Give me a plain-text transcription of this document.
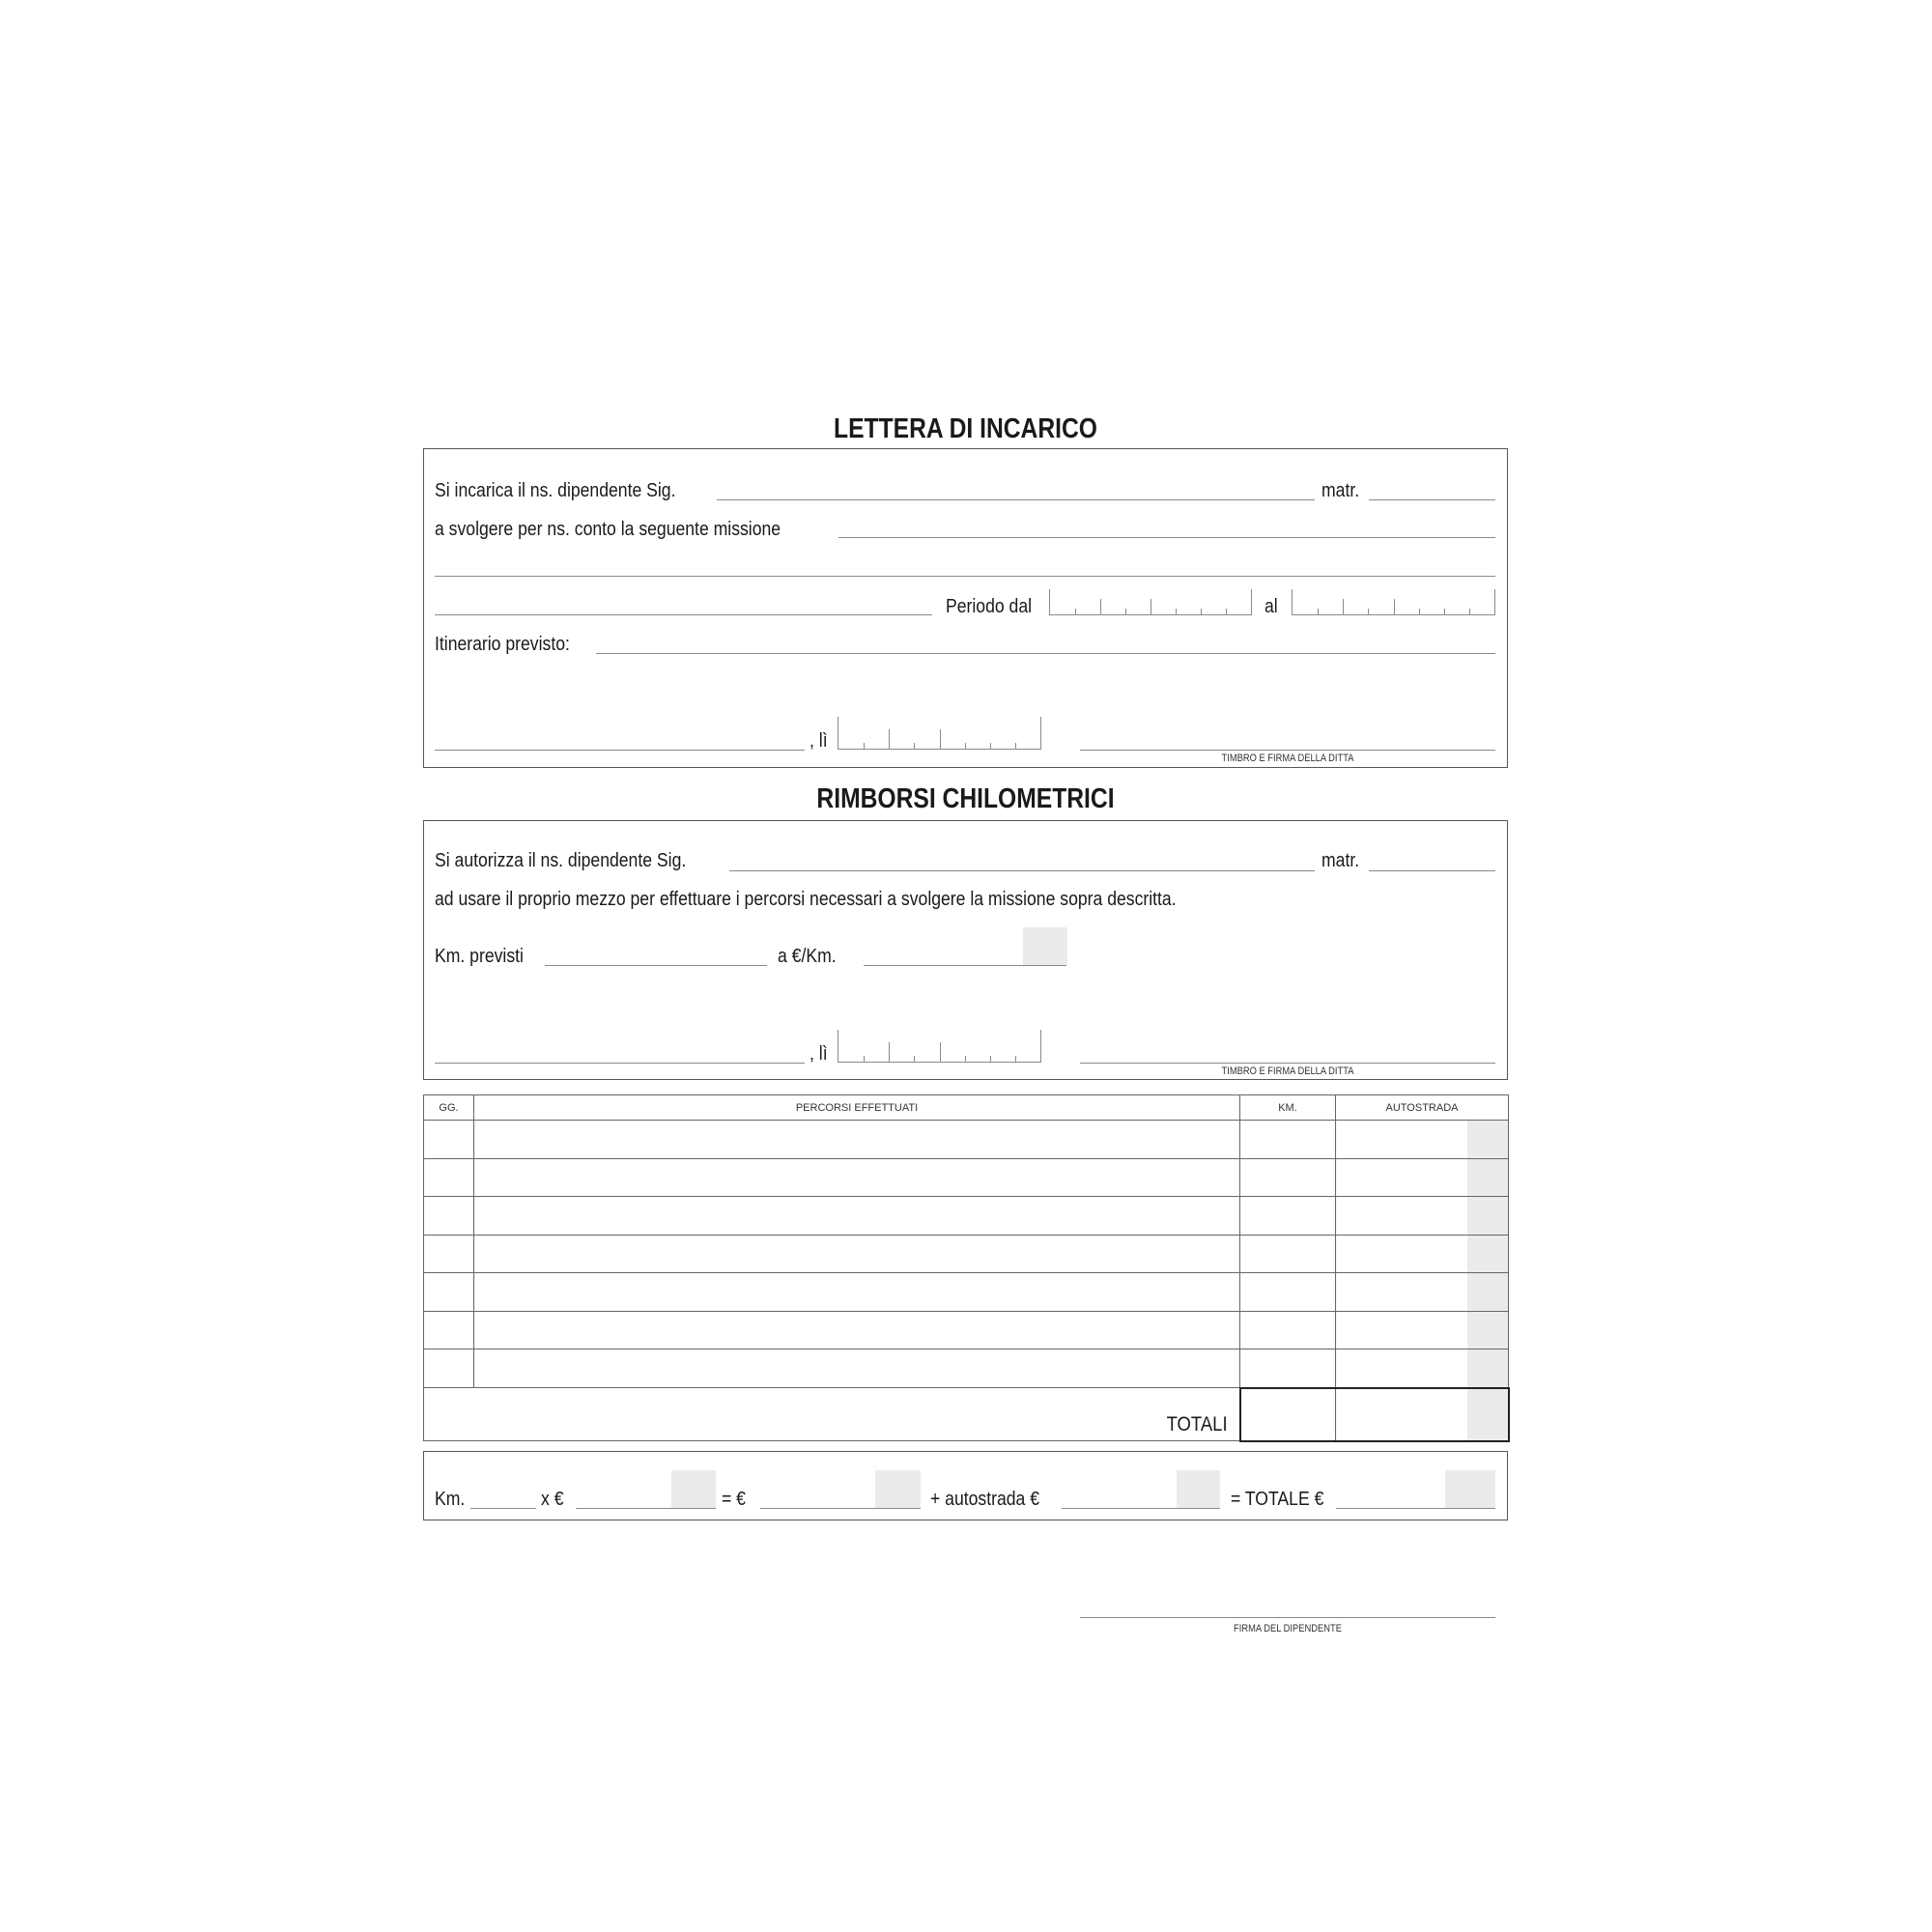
LETTERA DI INCARICO
Si incarica il ns. dipendente Sig.	matr.
a svolgere per ns. conto la seguente missione
Periodo dal	al
Itinerario previsto:
, lì
TIMBRO E FIRMA DELLA DITTA
RIMBORSI CHILOMETRICI
Si autorizza il ns. dipendente Sig.	matr.
ad usare il proprio mezzo per effettuare i percorsi necessari a svolgere la missione sopra descritta.
Km. previsti	a €/Km.
, lì
TIMBRO E FIRMA DELLA DITTA
GG.	PERCORSI EFFETTUATI	KM.	AUTOSTRADA

TOTALI			
Km.	x €	= €	+ autostrada €	= TOTALE €
FIRMA DEL DIPENDENTE
